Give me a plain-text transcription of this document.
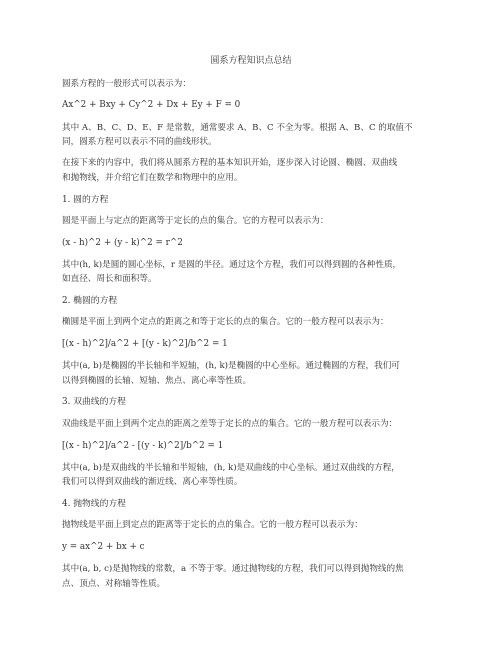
圆系方程知识点总结
圆系方程的一般形式可以表示为：
Ax^2 + Bxy + Cy^2 + Dx + Ey + F = 0
其中 A、B、C、D、E、F 是常数，通常要求 A、B、C 不全为零。根据 A、B、C 的取值不
同，圆系方程可以表示不同的曲线形状。
在接下来的内容中，我们将从圆系方程的基本知识开始，逐步深入讨论圆、椭圆、双曲线
和抛物线，并介绍它们在数学和物理中的应用。
1. 圆的方程
圆是平面上与定点的距离等于定长的点的集合。它的方程可以表示为：
(x - h)^2 + (y - k)^2 = r^2
其中(h, k)是圆的圆心坐标，r 是圆的半径。通过这个方程，我们可以得到圆的各种性质，
如直径、周长和面积等。
2. 椭圆的方程
椭圆是平面上到两个定点的距离之和等于定长的点的集合。它的一般方程可以表示为：
[(x - h)^2]/a^2 + [(y - k)^2]/b^2 = 1
其中(a, b)是椭圆的半长轴和半短轴，(h, k)是椭圆的中心坐标。通过椭圆的方程，我们可
以得到椭圆的长轴、短轴、焦点、离心率等性质。
3. 双曲线的方程
双曲线是平面上到两个定点的距离之差等于定长的点的集合。它的一般方程可以表示为：
[(x - h)^2]/a^2 - [(y - k)^2]/b^2 = 1
其中(a, b)是双曲线的半长轴和半短轴，(h, k)是双曲线的中心坐标。通过双曲线的方程，
我们可以得到双曲线的渐近线、离心率等性质。
4. 抛物线的方程
抛物线是平面上到定点的距离等于定长的点的集合。它的一般方程可以表示为：
y = ax^2 + bx + c
其中(a, b, c)是抛物线的常数，a 不等于零。通过抛物线的方程，我们可以得到抛物线的焦
点、顶点、对称轴等性质。
